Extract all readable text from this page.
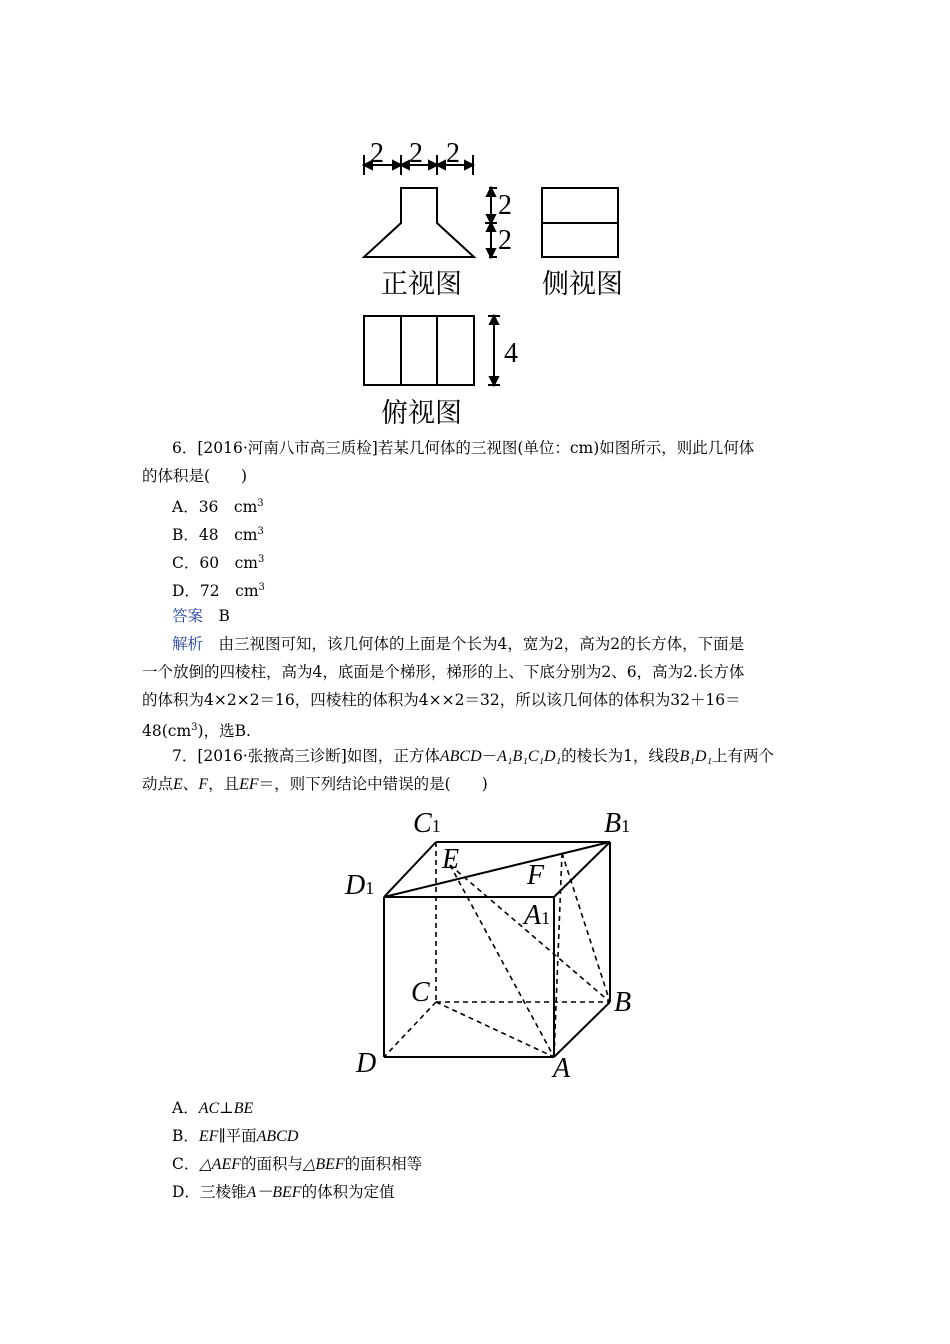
2 2 2
2
2
正视图	侧视图
4
俯视图
6．[2016·河南八市高三质检]若某几何体的三视图(单位：cm)如图所示，则此几何体
的体积是(　　)
A．36　$cm^3$
B．48　$cm^3$
C．60　$cm^3$
D．72　$cm^3$
答案　 B
解析　 由三视图可知，该几何体的上面是个长为4，宽为2，高为2的长方体，下面是
一个放倒的四棱柱，高为4，底面是个梯形，梯形的上、下底分别为2、6，高为2.长方体
的体积为4×2×2＝16，四棱柱的体积为4××2＝32，所以该几何体的体积为32＋16＝
$48(cm^3)$，选B.
7．[2016·张掖高三诊断]如图，正方体ABCD－A₁B₁C₁D₁的棱长为1，线段B₁D₁上有两个
动点E、F，且EF＝，则下列结论中错误的是(　　)
C1	B1
D1
A1
E
F
C	B
D	A
A．AC⊥BE
B．EF∥平面ABCD
C．△AEF的面积与△BEF的面积相等
D．三棱锥A－BEF的体积为定值
